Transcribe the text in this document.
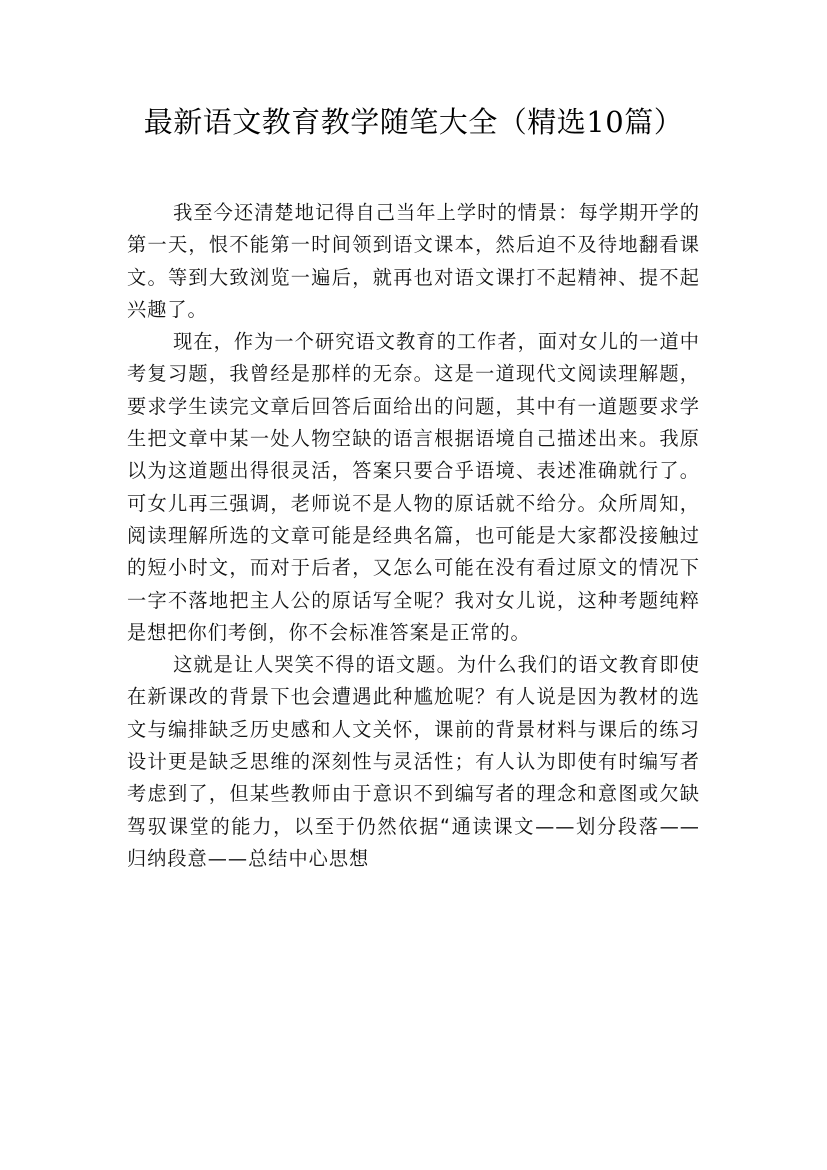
最新语文教育教学随笔大全（精选10篇）

我至今还清楚地记得自己当年上学时的情景：每学期开学的第一天，恨不能第一时间领到语文课本，然后迫不及待地翻看课文。等到大致浏览一遍后，就再也对语文课打不起精神、提不起兴趣了。

现在，作为一个研究语文教育的工作者，面对女儿的一道中考复习题，我曾经是那样的无奈。这是一道现代文阅读理解题，要求学生读完文章后回答后面给出的问题，其中有一道题要求学生把文章中某一处人物空缺的语言根据语境自己描述出来。我原以为这道题出得很灵活，答案只要合乎语境、表述准确就行了。可女儿再三强调，老师说不是人物的原话就不给分。众所周知，阅读理解所选的文章可能是经典名篇，也可能是大家都没接触过的短小时文，而对于后者，又怎么可能在没有看过原文的情况下一字不落地把主人公的原话写全呢？我对女儿说，这种考题纯粹是想把你们考倒，你不会标准答案是正常的。

这就是让人哭笑不得的语文题。为什么我们的语文教育即使在新课改的背景下也会遭遇此种尴尬呢？有人说是因为教材的选文与编排缺乏历史感和人文关怀，课前的背景材料与课后的练习设计更是缺乏思维的深刻性与灵活性；有人认为即使有时编写者考虑到了，但某些教师由于意识不到编写者的理念和意图或欠缺驾驭课堂的能力，以至于仍然依据“通读课文——划分段落——归纳段意——总结中心思想
